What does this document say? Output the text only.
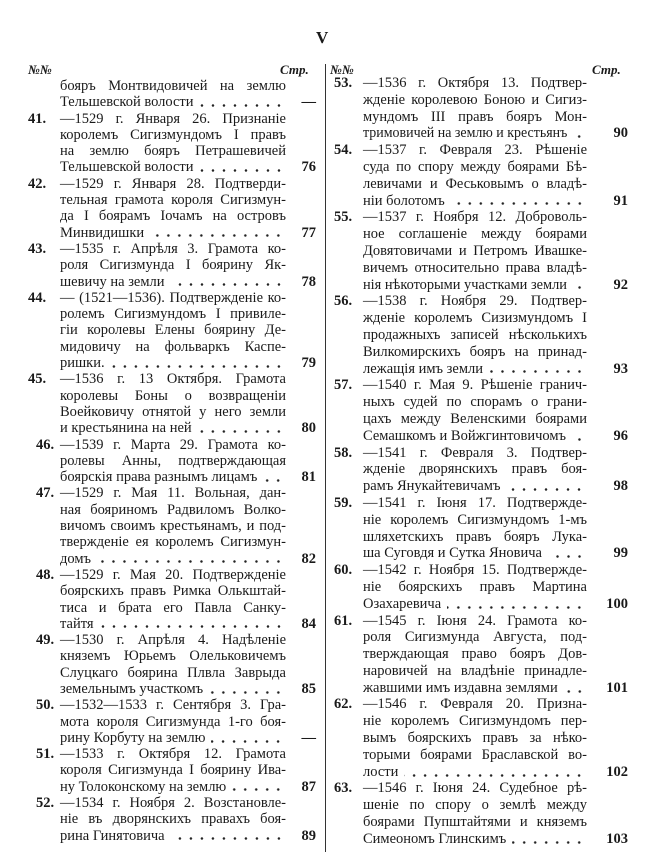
V
№№	Стр. №№	Стр.
бояръ Монтвидовичей на землю
Тельшевской волости	—
41. —1529 г. Января 26. Признаніе
королемъ Сигизмундомъ I правъ
на землю бояръ Петрашевичей
Тельшевской волости	76
42. —1529 г. Января 28. Подтверди-
тельная грамота короля Сигизмун-
да I боярамъ Іочамъ на островъ
Минвидишки	77
43. —1535 г. Апрѣля 3. Грамота ко-
роля Сигизмунда I боярину Як-
шевичу на земли	78
44. — (1521—1536). Подтвержденіе ко-
ролемъ Сигизмундомъ I привиле-
гіи королевы Елены боярину Де-
мидовичу на фольваркъ Каспе-
ришки.	79
45. —1536 г. 13 Октября. Грамота
королевы Боны о возвращеніи
Воейковичу отнятой у него земли
и крестьянина на ней	80
46. —1539 г. Марта 29. Грамота ко-
ролевы Анны, подтверждающая
боярскія права разнымъ лицамъ	81
47. —1529 г. Мая 11. Вольная, дан-
ная бояриномъ Радвиломъ Волко-
вичомъ своимъ крестьянамъ, и под-
твержденіе ея королемъ Сигизмун-
домъ	82
48. —1529 г. Мая 20. Подтвержденіе
боярскихъ правъ Римка Олькштай-
тиса и брата его Павла Санку-
тайтя	84
49. —1530 г. Апрѣля 4. Надѣленіе
княземъ Юрьемъ Олельковичемъ
Слуцкаго боярина Плвла Заврыда
земельнымъ участкомъ	85
50. —1532—1533 г. Сентября 3. Гра-
мота короля Сигизмунда 1-го боя-
рину Корбуту на землю	—
51. —1533 г. Октября 12. Грамота
короля Сигизмунда I боярину Ива-
ну Толоконскому на землю	87
52. —1534 г. Ноября 2. Возстановле-
ніе въ дворянскихъ правахъ боя-
рина Гинятовича	89
53. —1536 г. Октября 13. Подтвер-
жденіе королевою Боною и Сигиз-
мундомъ III правъ бояръ Мон-
тримовичей на землю и крестьянъ	90
54. —1537 г. Февраля 23. Рѣшеніе
суда по спору между боярами Бѣ-
левичами и Феськовымъ о владѣ-
ніи болотомъ	91
55. —1537 г. Ноября 12. Доброволь-
ное соглашеніе между боярами
Довятовичами и Петромъ Ивашке-
вичемъ относительно права владѣ-
нія нѣкоторыми участками земли	92
56. —1538 г. Ноября 29. Подтвер-
жденіе королемъ Сизизмундомъ I
продажныхъ записей нѣсколькихъ
Вилкомирскихъ бояръ на принад-
лежащія имъ земли	93
57. —1540 г. Мая 9. Рѣшеніе гранич-
ныхъ судей по спорамъ о грани-
цахъ между Веленскими боярами
Семашкомъ и Войжгинтовичомъ	96
58. —1541 г. Февраля 3. Подтвер-
жденіе дворянскихъ правъ боя-
рамъ Янукайтевичамъ	98
59. —1541 г. Іюня 17. Подтвержде-
ніе королемъ Сигизмундомъ 1-мъ
шляхетскихъ правъ бояръ Лука-
ша Суговдя и Сутка Яновича	99
60. —1542 г. Ноября 15. Подтвержде-
ніе боярскихъ правъ Мартина
Озахаревича	100
61. —1545 г. Іюня 24. Грамота ко-
роля Сигизмунда Августа, под-
тверждающая право бояръ Дов-
наровичей на владѣніе принадле-
жавшими имъ издавна землями	101
62. —1546 г. Февраля 20. Призна-
ніе королемъ Сигизмундомъ пер-
вымъ боярскихъ правъ за нѣко-
торыми боярами Браславской во-
лости	102
63. —1546 г. Іюня 24. Судебное рѣ-
шеніе по спору о землѣ между
боярами Пупштайтями и княземъ
Симеономъ Глинскимъ	103
